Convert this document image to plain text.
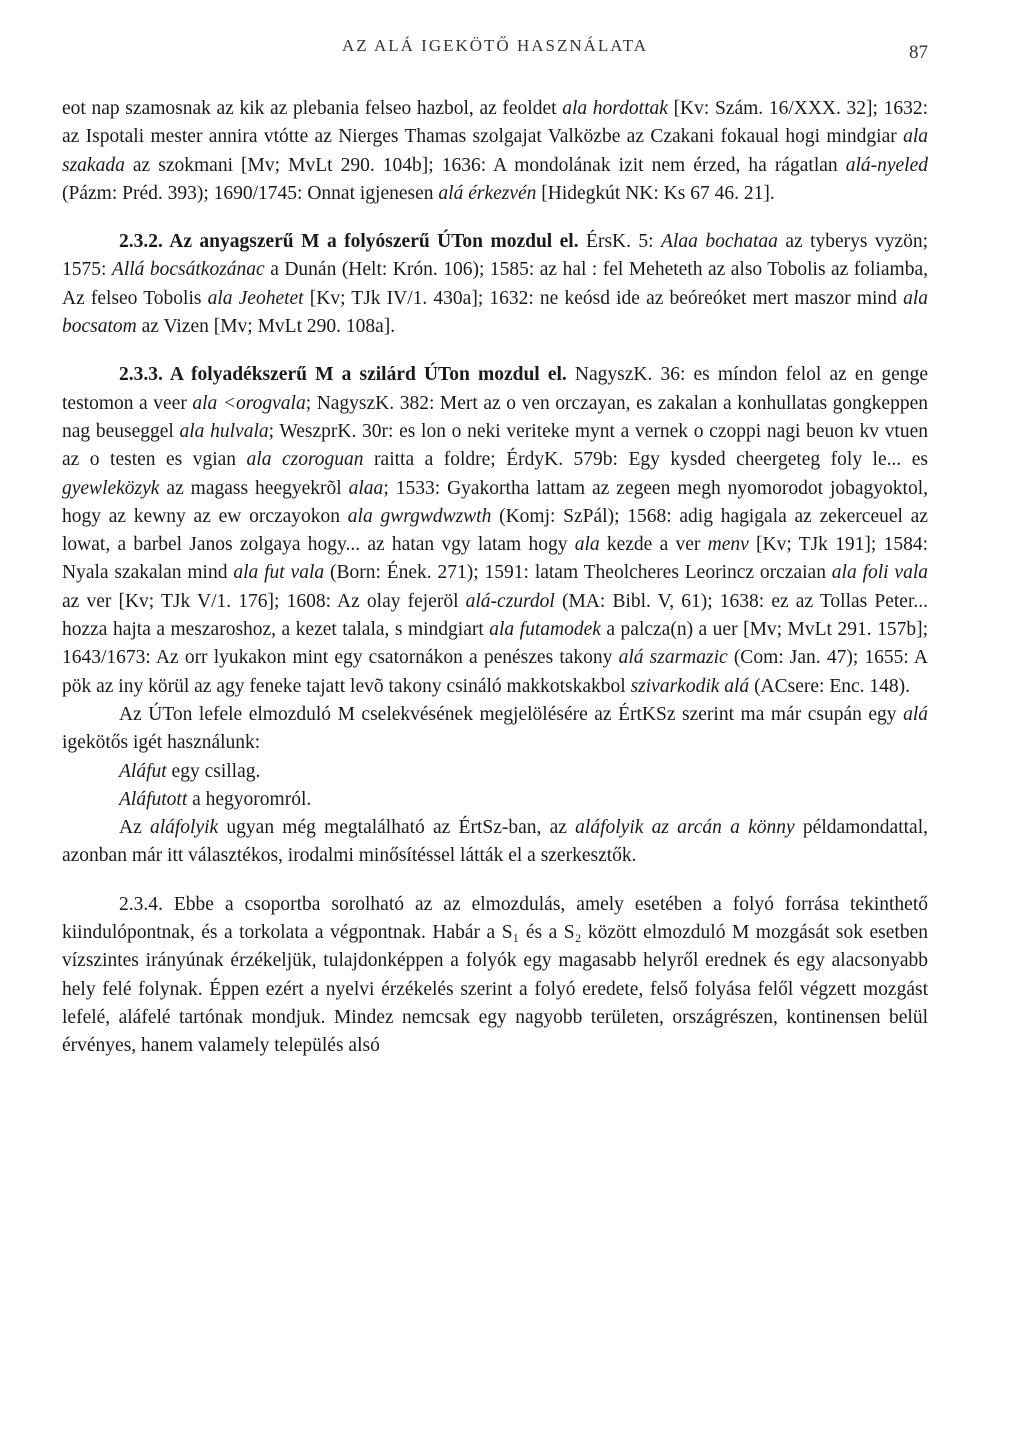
AZ ALÁ IGEKÖTŐ HASZNÁLATA	87

eot nap szamosnak az kik az plebania felseo hazbol, az feoldet ala hordottak [Kv: Szám. 16/XXX. 32]; 1632: az Ispotali mester annira vtótte az Nierges Thamas szolgajat Valközbe az Czakani fokaual hogi mindgiar ala szakada az szokmani [Mv; MvLt 290. 104b]; 1636: A mondolának izit nem érzed, ha rágatlan alá-nyeled (Pázm: Préd. 393); 1690/1745: Onnat igjenesen alá érkezvén [Hidegkút NK: Ks 67 46. 21].

2.3.2. Az anyagszerű M a folyószerű ÚTon mozdul el. ÉrsK. 5: Alaa bochataa az tyberys vyzön; 1575: Allá bocsátkozánac a Dunán (Helt: Krón. 106); 1585: az hal : fel Meheteth az also Tobolis az foliamba, Az felseo Tobolis ala Jeohetet [Kv; TJk IV/1. 430a]; 1632: ne keósd ide az beóreóket mert maszor mind ala bocsatom az Vizen [Mv; MvLt 290. 108a].

2.3.3. A folyadékszerű M a szilárd ÚTon mozdul el. NagyszK. 36: es míndon felol az en genge testomon a veer ala <orogvala; NagyszK. 382: Mert az o ven orczayan, es zakalan a konhullatas gongkeppen nag beuseggel ala hulvala; WeszprK. 30r: es lon o neki veriteke mynt a vernek o czoppi nagi beuon kv vtuen az o testen es vgian ala czoroguan raitta a foldre; ÉrdyK. 579b: Egy kysded cheergeteg foly le... es gyewleközyk az magass heegyekrõl alaa; 1533: Gyakortha lattam az zegeen megh nyomorodot jobagyoktol, hogy az kewny az ew orczayokon ala gwrgwdwzwth (Komj: SzPál); 1568: adig hagigala az zekerceuel az lowat, a barbel Janos zolgaya hogy... az hatan vgy latam hogy ala kezde a ver menv [Kv; TJk 191]; 1584: Nyala szakalan mind ala fut vala (Born: Ének. 271); 1591: latam Theolcheres Leorincz orczaian ala foli vala az ver [Kv; TJk V/1. 176]; 1608: Az olay fejeröl alá-czurdol (MA: Bibl. V, 61); 1638: ez az Tollas Peter... hozza hajta a meszaroshoz, a kezet talala, s mindgiart ala futamodek a palcza(n) a uer [Mv; MvLt 291. 157b]; 1643/1673: Az orr lyukakon mint egy csatornákon a penészes takony alá szarmazic (Com: Jan. 47); 1655: A pök az iny körül az agy feneke tajatt levõ takony csináló makkotskakbol szivarkodik alá (ACsere: Enc. 148).

Az ÚTon lefele elmozduló M cselekvésének megjelölésére az ÉrtKSz szerint ma már csupán egy alá igekötős igét használunk:

Aláfut egy csillag.

Aláfutott a hegyoromról.

Az aláfolyik ugyan még megtalálható az ÉrtSz-ban, az aláfolyik az arcán a könny példamondattal, azonban már itt választékos, irodalmi minősítéssel látták el a szerkesztők.

2.3.4. Ebbe a csoportba sorolható az az elmozdulás, amely esetében a folyó forrása tekinthető kiindulópontnak, és a torkolata a végpontnak. Habár a S₁ és a S₂ között elmozduló M mozgását sok esetben vízszintes irányúnak érzékeljük, tulajdonképpen a folyók egy magasabb helyről erednek és egy alacsonyabb hely felé folynak. Éppen ezért a nyelvi érzékelés szerint a folyó eredete, felső folyása felől végzett mozgást lefelé, aláfelé tartónak mondjuk. Mindez nemcsak egy nagyobb területen, országrészen, kontinensen belül érvényes, hanem valamely település alsó
